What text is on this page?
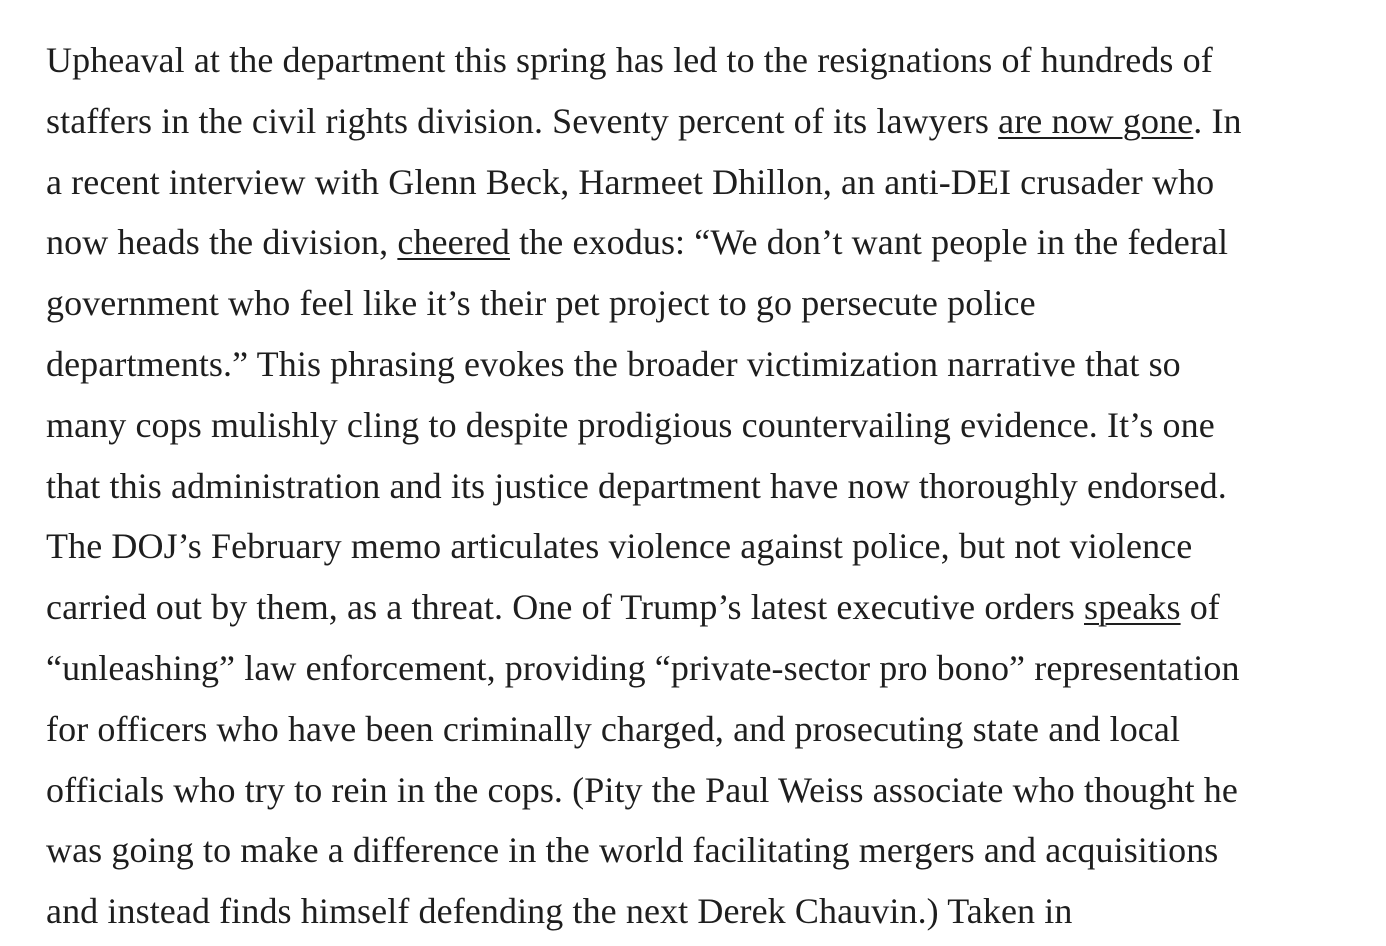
Upheaval at the department this spring has led to the resignations of hundreds of
staffers in the civil rights division. Seventy percent of its lawyers are now gone. In
a recent interview with Glenn Beck, Harmeet Dhillon, an anti-DEI crusader who
now heads the division, cheered the exodus: “We don’t want people in the federal
government who feel like it’s their pet project to go persecute police
departments.” This phrasing evokes the broader victimization narrative that so
many cops mulishly cling to despite prodigious countervailing evidence. It’s one
that this administration and its justice department have now thoroughly endorsed.
The DOJ’s February memo articulates violence against police, but not violence
carried out by them, as a threat. One of Trump’s latest executive orders speaks of
“unleashing” law enforcement, providing “private-sector pro bono” representation
for officers who have been criminally charged, and prosecuting state and local
officials who try to rein in the cops. (Pity the Paul Weiss associate who thought he
was going to make a difference in the world facilitating mergers and acquisitions
and instead finds himself defending the next Derek Chauvin.) Taken in
